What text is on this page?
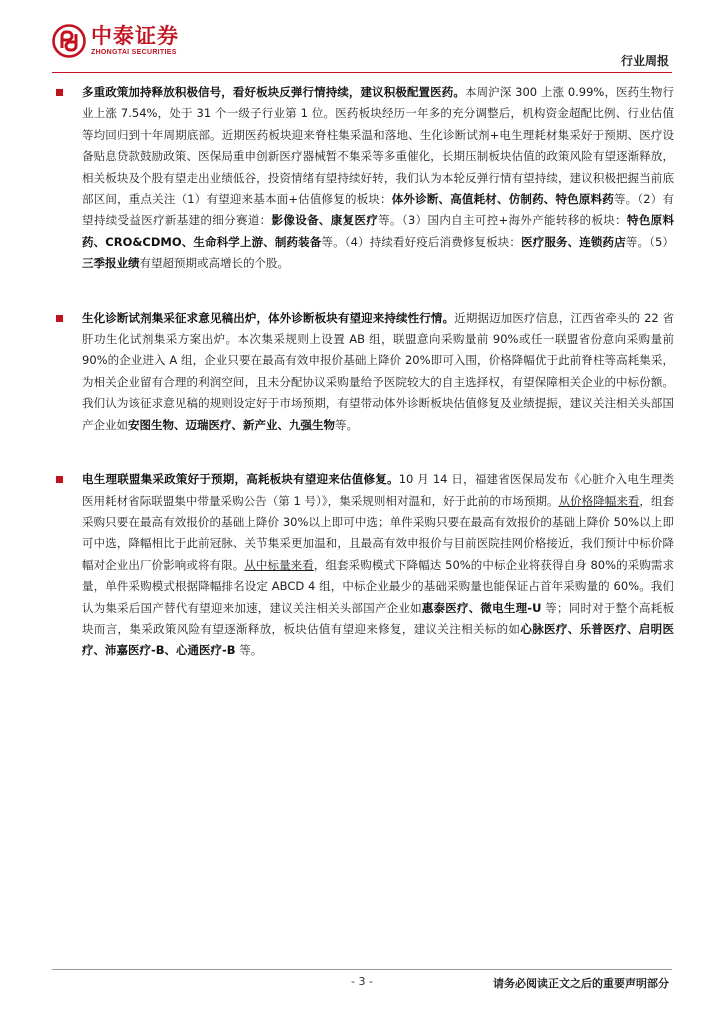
中泰证券
ZHONGTAI SECURITIES
行业周报
多重政策加持释放积极信号，看好板块反弹行情持续，建议积极配置医药。本周沪深 300 上涨 0.99%，医药生物行业上涨 7.54%，处于 31 个一级子行业第 1 位。医药板块经历一年多的充分调整后，机构资金超配比例、行业估值等均回归到十年周期底部。近期医药板块迎来脊柱集采温和落地、生化诊断试剂+电生理耗材集采好于预期、医疗设备贴息贷款鼓励政策、医保局重申创新医疗器械暂不集采等多重催化，长期压制板块估值的政策风险有望逐渐释放，相关板块及个股有望走出业绩低谷，投资情绪有望持续好转，我们认为本轮反弹行情有望持续，建议积极把握当前底部区间，重点关注（1）有望迎来基本面+估值修复的板块：体外诊断、高值耗材、仿制药、特色原料药等。（2）有望持续受益医疗新基建的细分赛道：影像设备、康复医疗等。（3）国内自主可控+海外产能转移的板块：特色原料药、CRO&CDMO、生命科学上游、制药装备等。（4）持续看好疫后消费修复板块：医疗服务、连锁药店等。（5）三季报业绩有望超预期或高增长的个股。
生化诊断试剂集采征求意见稿出炉，体外诊断板块有望迎来持续性行情。近期据迈加医疗信息，江西省牵头的 22 省肝功生化试剂集采方案出炉。本次集采规则上设置 AB 组，联盟意向采购量前 90%或任一联盟省份意向采购量前 90%的企业进入 A 组，企业只要在最高有效申报价基础上降价 20%即可入围，价格降幅优于此前脊柱等高耗集采，为相关企业留有合理的利润空间，且未分配协议采购量给予医院较大的自主选择权，有望保障相关企业的中标份额。我们认为该征求意见稿的规则设定好于市场预期，有望带动体外诊断板块估值修复及业绩提振，建议关注相关头部国产企业如安图生物、迈瑞医疗、新产业、九强生物等。
电生理联盟集采政策好于预期，高耗板块有望迎来估值修复。10 月 14 日，福建省医保局发布《心脏介入电生理类医用耗材省际联盟集中带量采购公告（第 1 号）》，集采规则相对温和，好于此前的市场预期。从价格降幅来看，组套采购只要在最高有效报价的基础上降价 30%以上即可中选；单件采购只要在最高有效报价的基础上降价 50%以上即可中选，降幅相比于此前冠脉、关节集采更加温和，且最高有效申报价与目前医院挂网价格接近，我们预计中标价降幅对企业出厂价影响或将有限。从中标量来看，组套采购模式下降幅达 50%的中标企业将获得自身 80%的采购需求量，单件采购模式根据降幅排名设定 ABCD 4 组，中标企业最少的基础采购量也能保证占首年采购量的 60%。我们认为集采后国产替代有望迎来加速，建议关注相关头部国产企业如惠泰医疗、微电生理-U 等；同时对于整个高耗板块而言，集采政策风险有望逐渐释放，板块估值有望迎来修复，建议关注相关标的如心脉医疗、乐普医疗、启明医疗、沛嘉医疗-B、心通医疗-B 等。
- 3 -	请务必阅读正文之后的重要声明部分
